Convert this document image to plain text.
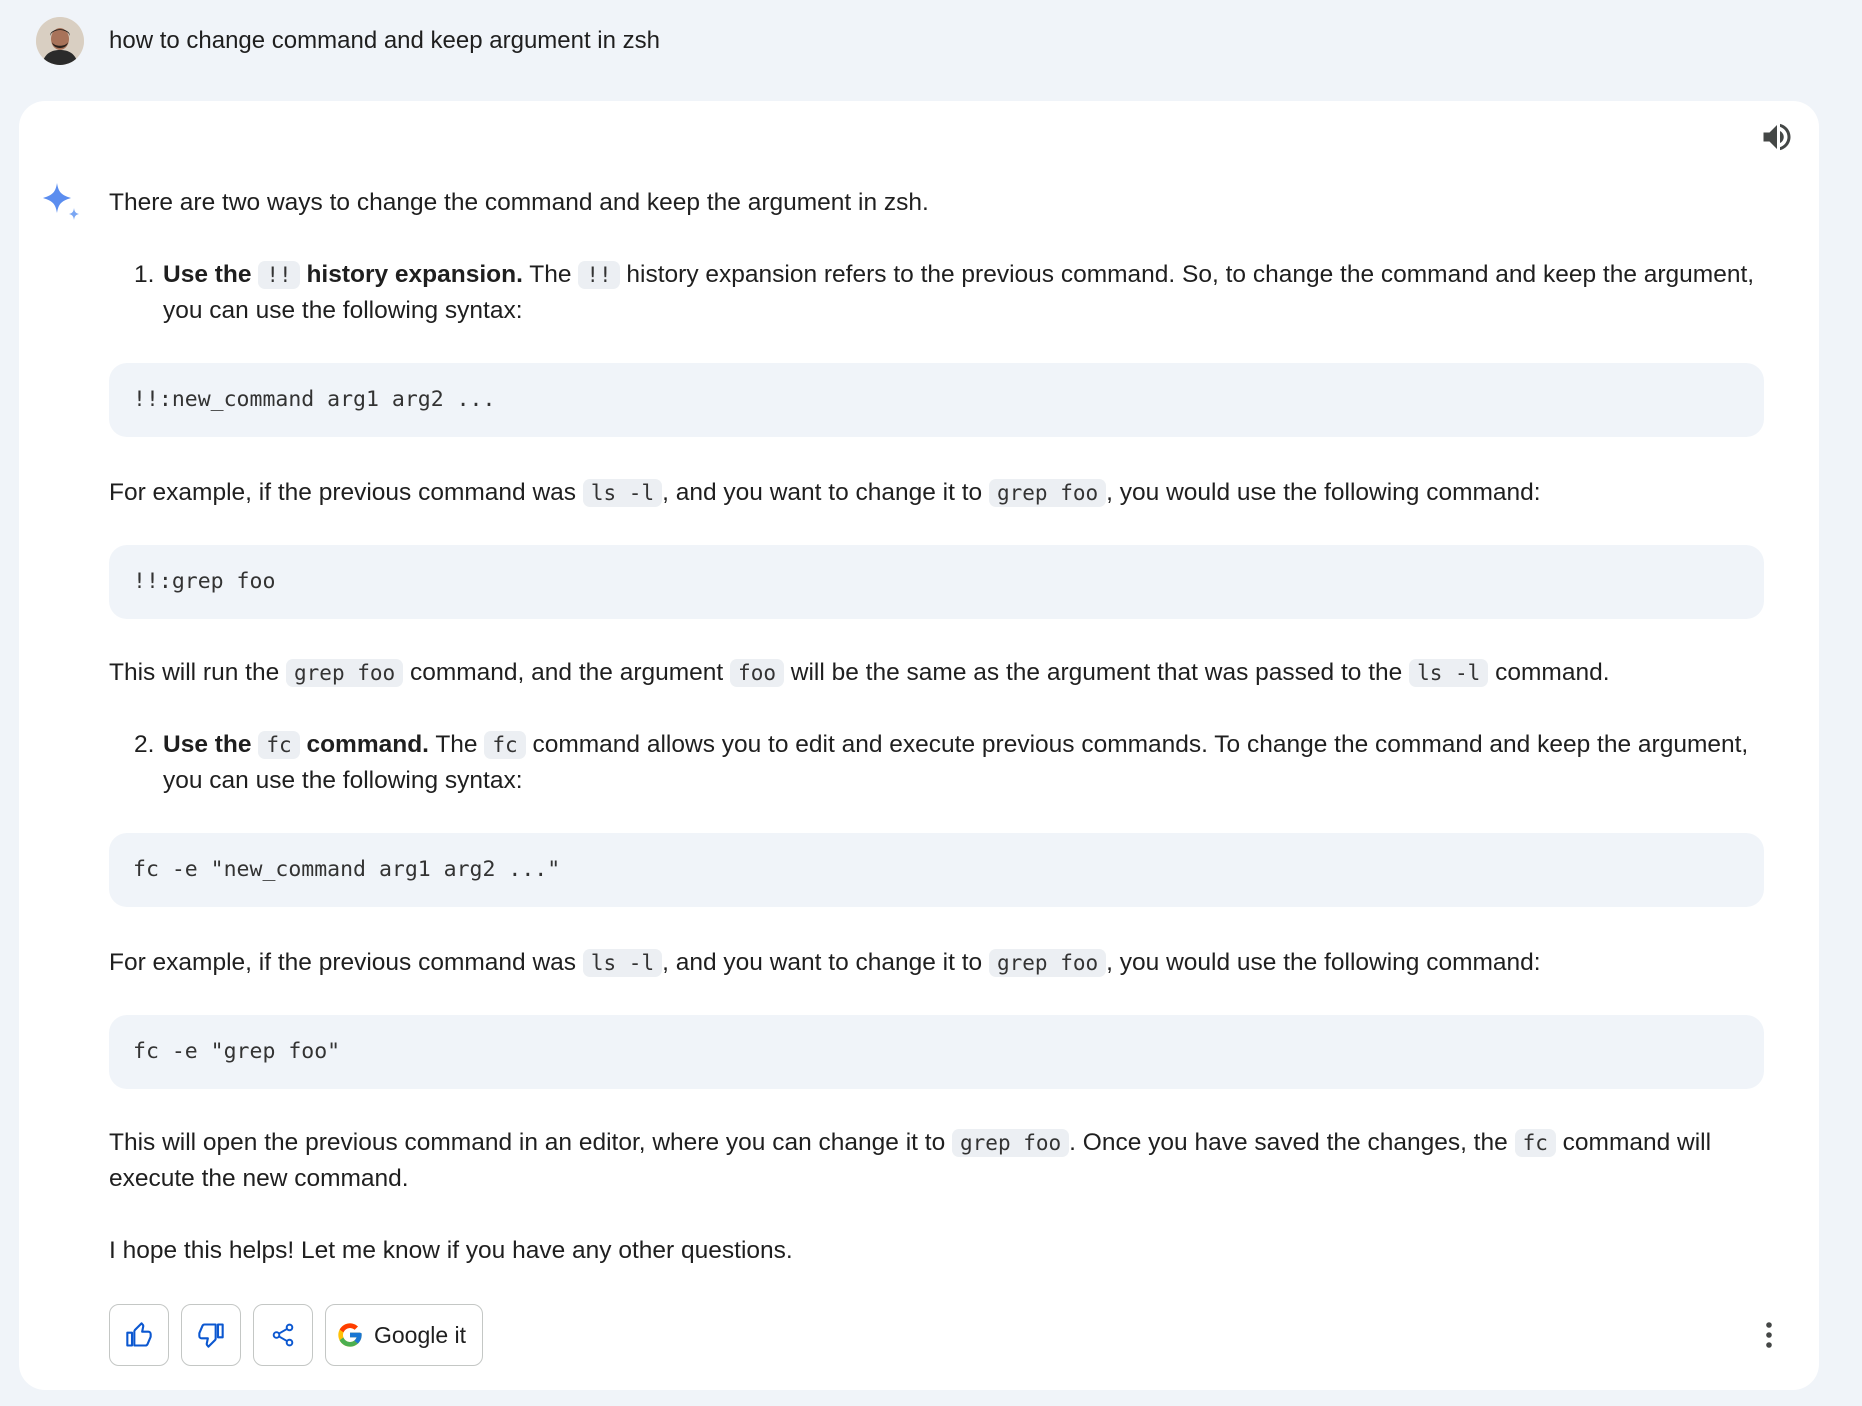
how to change command and keep argument in zsh

There are two ways to change the command and keep the argument in zsh.

1. Use the !! history expansion. The !! history expansion refers to the previous command. So, to change the command and keep the argument, you can use the following syntax:
!!:new_command arg1 arg2 ...

For example, if the previous command was ls -l , and you want to change it to grep foo , you would use the following command:

!!:grep foo

This will run the grep foo command, and the argument foo will be the same as the argument that was passed to the ls -l command.

2. Use the fc command. The fc command allows you to edit and execute previous commands. To change the command and keep the argument, you can use the following syntax:
fc -e "new_command arg1 arg2 ..."

For example, if the previous command was ls -l , and you want to change it to grep foo , you would use the following command:

fc -e "grep foo"

This will open the previous command in an editor, where you can change it to grep foo . Once you have saved the changes, the fc command will execute the new command.

I hope this helps! Let me know if you have any other questions.

Google it
